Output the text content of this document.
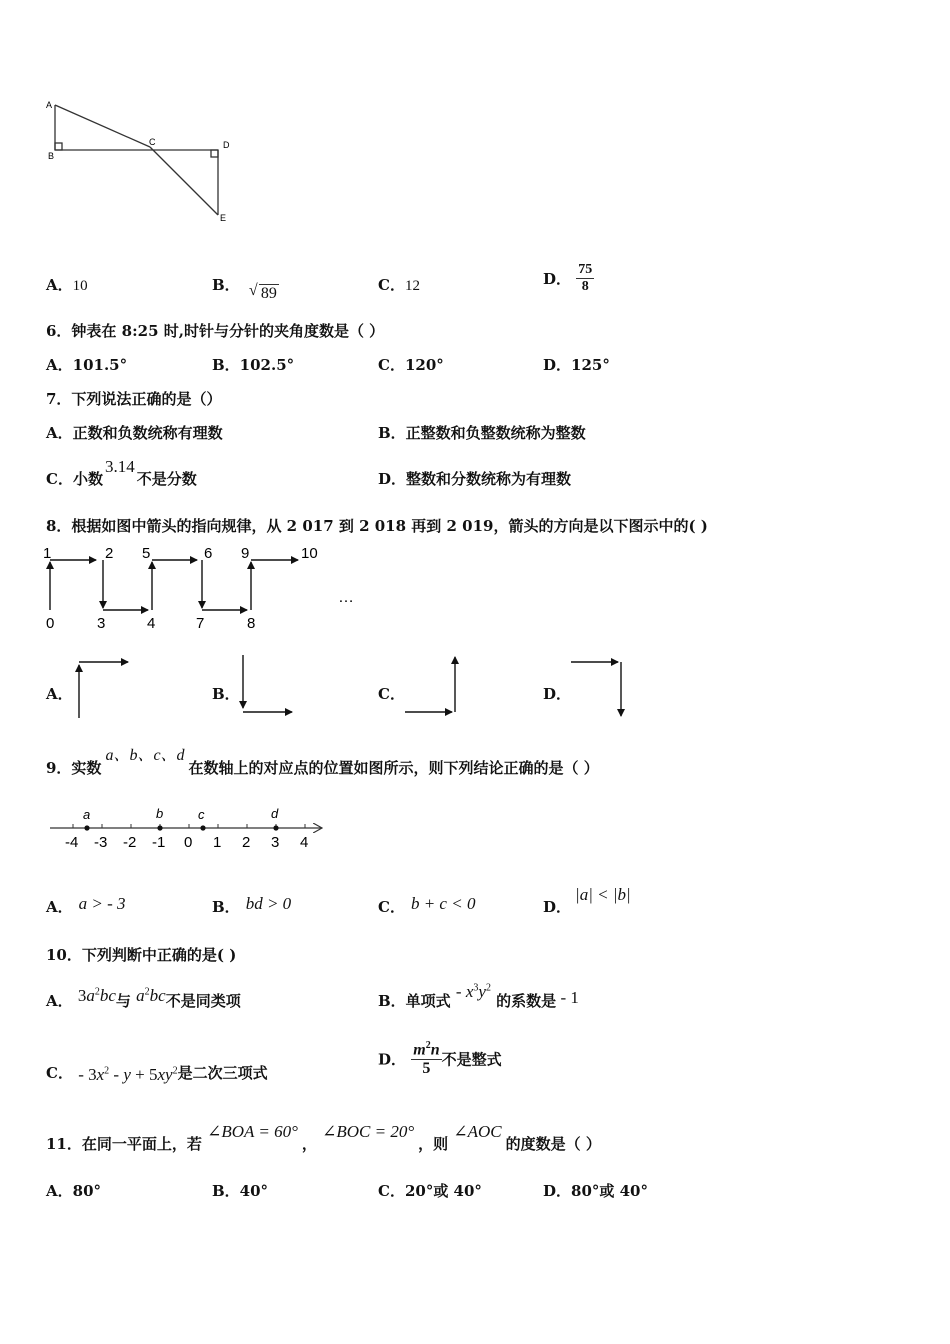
A
B
C	D
E
A．10	B． √ 89	C．12	D． $\frac{75}{8}$
6．钟表在 8:25 时,时针与分针的夹角度数是（ ）
A．101.5°	B．102.5°	C．120°	D．125°
7．下列说法正确的是（）
A．正数和负数统称有理数	B．正整数和负整数统称为整数
C．小数3.14不是分数	D．整数和分数统称为有理数
8．根据如图中箭头的指向规律，从 2 017 到 2 018 再到 2 019，箭头的方向是以下图示中的( )
1	2 5	6 9	10
0	3	4	7	8
…
A．	B．	C．	D．
9．实数a、b、c、d在数轴上的对应点的位置如图所示，则下列结论正确的是（ ）
a	b	c	d
-4 -3 -2 -1 0 1 2 3 4
A． a > - 3	B． bd > 0	C． b + c < 0	D．|a| < |b|
10．下列判断中正确的是( )
A． $3a^2bc$与 $a^2bc$不是同类项	B．单项式 - $x^3y^2$ 的系数是 - 1
C． - $3x^2 - y + 5xy^2$是二次三项式
D． $\frac{m^2n}{5}$ 不是整式
11．在同一平面上，若 ∠BOA = 60°， ∠BOC = 20°，则 ∠AOC的度数是（ ）
A．80°	B．40°	C．20°或 40°	D．80°或 40°
